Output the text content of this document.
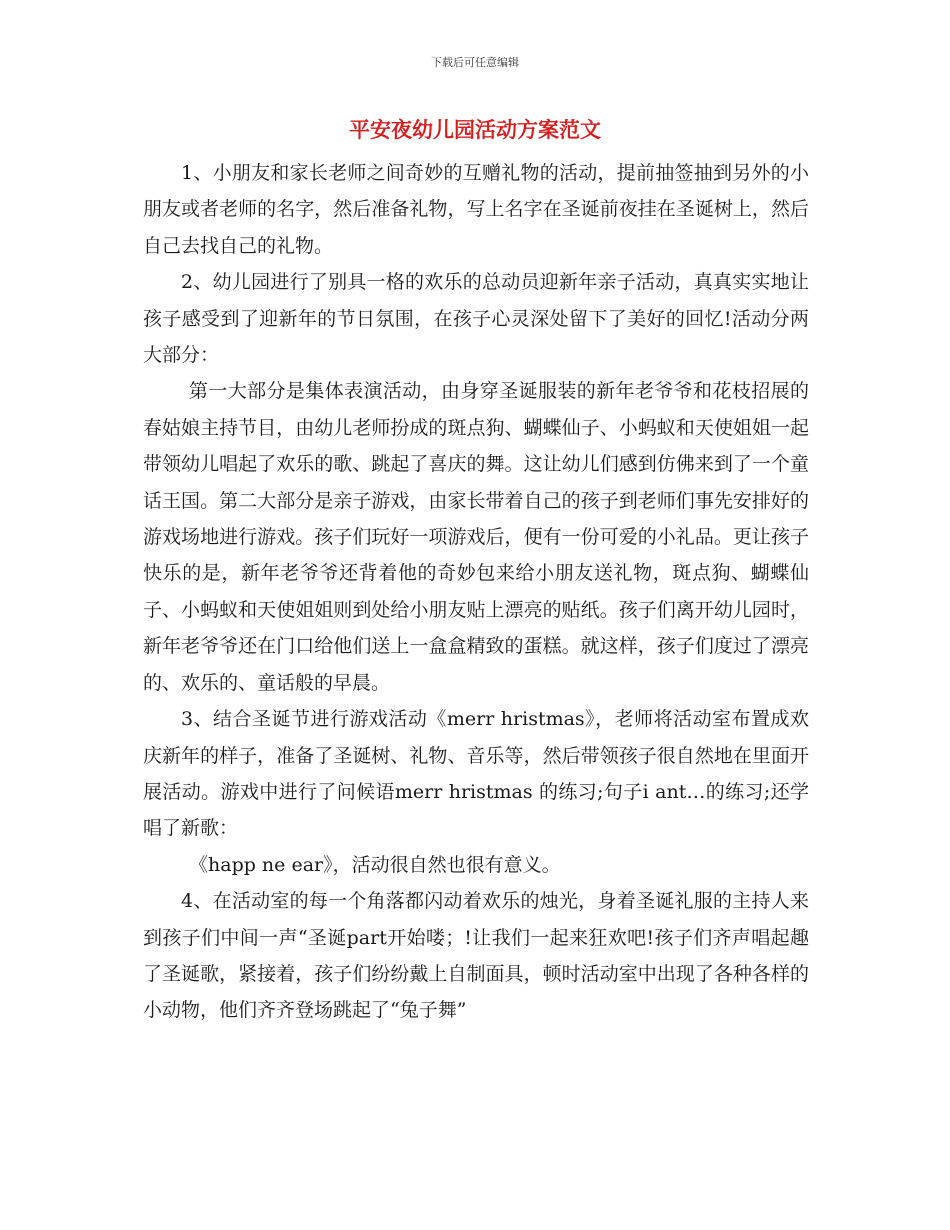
下载后可任意编辑
平安夜幼儿园活动方案范文

1、小朋友和家长老师之间奇妙的互赠礼物的活动，提前抽签抽到另外的小朋友或者老师的名字，然后准备礼物，写上名字在圣诞前夜挂在圣诞树上，然后自己去找自己的礼物。

2、幼儿园进行了别具一格的欢乐的总动员迎新年亲子活动，真真实实地让孩子感受到了迎新年的节日氛围，在孩子心灵深处留下了美好的回忆!活动分两大部分：

第一大部分是集体表演活动，由身穿圣诞服装的新年老爷爷和花枝招展的春姑娘主持节目，由幼儿老师扮成的斑点狗、蝴蝶仙子、小蚂蚁和天使姐姐一起带领幼儿唱起了欢乐的歌、跳起了喜庆的舞。这让幼儿们感到仿佛来到了一个童话王国。第二大部分是亲子游戏，由家长带着自己的孩子到老师们事先安排好的游戏场地进行游戏。孩子们玩好一项游戏后，便有一份可爱的小礼品。更让孩子快乐的是，新年老爷爷还背着他的奇妙包来给小朋友送礼物，斑点狗、蝴蝶仙子、小蚂蚁和天使姐姐则到处给小朋友贴上漂亮的贴纸。孩子们离开幼儿园时，新年老爷爷还在门口给他们送上一盒盒精致的蛋糕。就这样，孩子们度过了漂亮的、欢乐的、童话般的早晨。

3、结合圣诞节进行游戏活动《merr hristmas》，老师将活动室布置成欢庆新年的样子，准备了圣诞树、礼物、音乐等，然后带领孩子很自然地在里面开展活动。游戏中进行了问候语merr hristmas 的练习;句子i ant…的练习;还学唱了新歌：

《happ ne ear》，活动很自然也很有意义。

4、在活动室的每一个角落都闪动着欢乐的烛光，身着圣诞礼服的主持人来到孩子们中间一声“圣诞part开始喽；!让我们一起来狂欢吧!孩子们齐声唱起趣了圣诞歌，紧接着，孩子们纷纷戴上自制面具，顿时活动室中出现了各种各样的小动物，他们齐齐登场跳起了“兔子舞”
